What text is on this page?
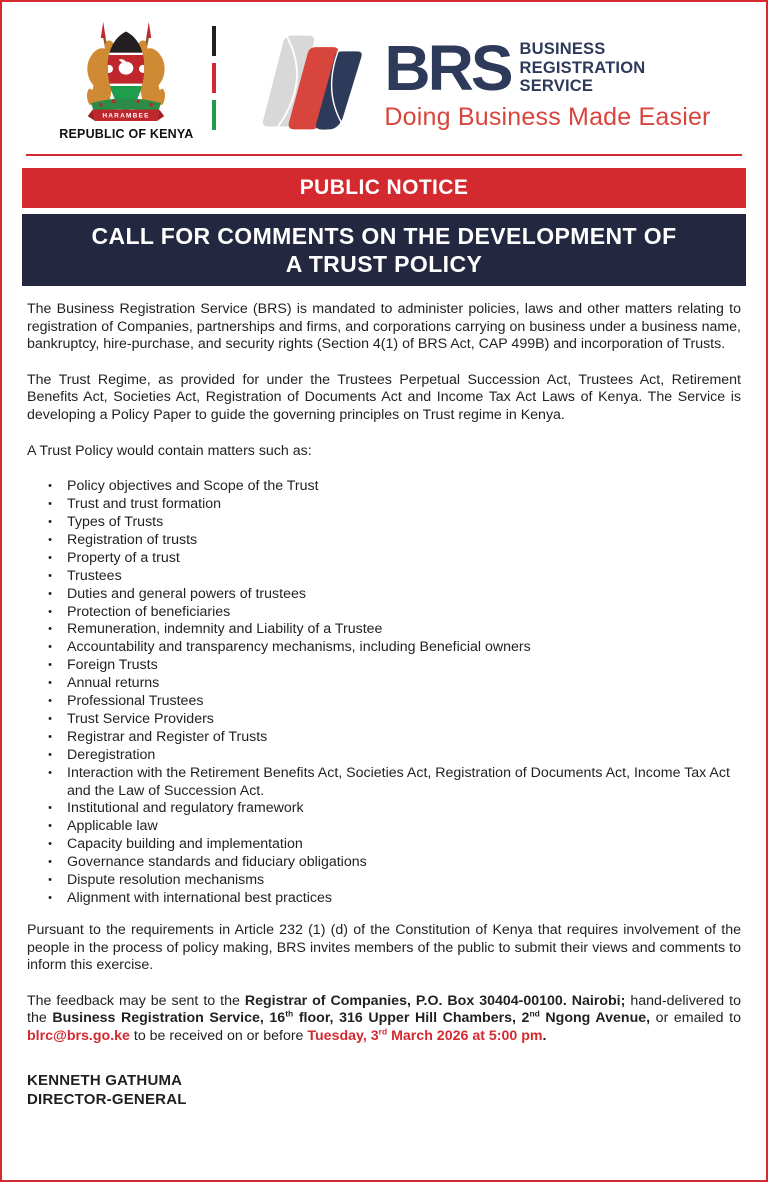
HARAMBEE
REPUBLIC OF KENYA
BRS BUSINESS
REGISTRATION
SERVICE
Doing Business Made Easier
PUBLIC NOTICE
CALL FOR COMMENTS ON THE DEVELOPMENT OF
A TRUST POLICY

The Business Registration Service (BRS) is mandated to administer policies, laws and other matters relating to registration of Companies, partnerships and firms, and corporations carrying on business under a business name, bankruptcy, hire-purchase, and security rights (Section 4(1) of BRS Act, CAP 499B) and incorporation of Trusts.

The Trust Regime, as provided for under the Trustees Perpetual Succession Act, Trustees Act, Retirement Benefits Act, Societies Act, Registration of Documents Act and Income Tax Act Laws of Kenya. The Service is developing a Policy Paper to guide the governing principles on Trust regime in Kenya.

A Trust Policy would contain matters such as:

• Policy objectives and Scope of the Trust
• Trust and trust formation
• Types of Trusts
• Registration of trusts
• Property of a trust
• Trustees
• Duties and general powers of trustees
• Protection of beneficiaries
• Remuneration, indemnity and Liability of a Trustee
• Accountability and transparency mechanisms, including Beneficial owners
• Foreign Trusts
• Annual returns
• Professional Trustees
• Trust Service Providers
• Registrar and Register of Trusts
• Deregistration
• Interaction with the Retirement Benefits Act, Societies Act, Registration of Documents Act, Income Tax Act and the Law of Succession Act.
• Institutional and regulatory framework
• Applicable law
• Capacity building and implementation
• Governance standards and fiduciary obligations
• Dispute resolution mechanisms
• Alignment with international best practices

Pursuant to the requirements in Article 232 (1) (d) of the Constitution of Kenya that requires involvement of the people in the process of policy making, BRS invites members of the public to submit their views and comments to inform this exercise.

The feedback may be sent to the Registrar of Companies, P.O. Box 30404-00100. Nairobi; hand-delivered to the Business Registration Service, 16th floor, 316 Upper Hill Chambers, 2nd Ngong Avenue, or emailed to blrc@brs.go.ke to be received on or before Tuesday, 3rd March 2026 at 5:00 pm.

KENNETH GATHUMA
DIRECTOR-GENERAL
